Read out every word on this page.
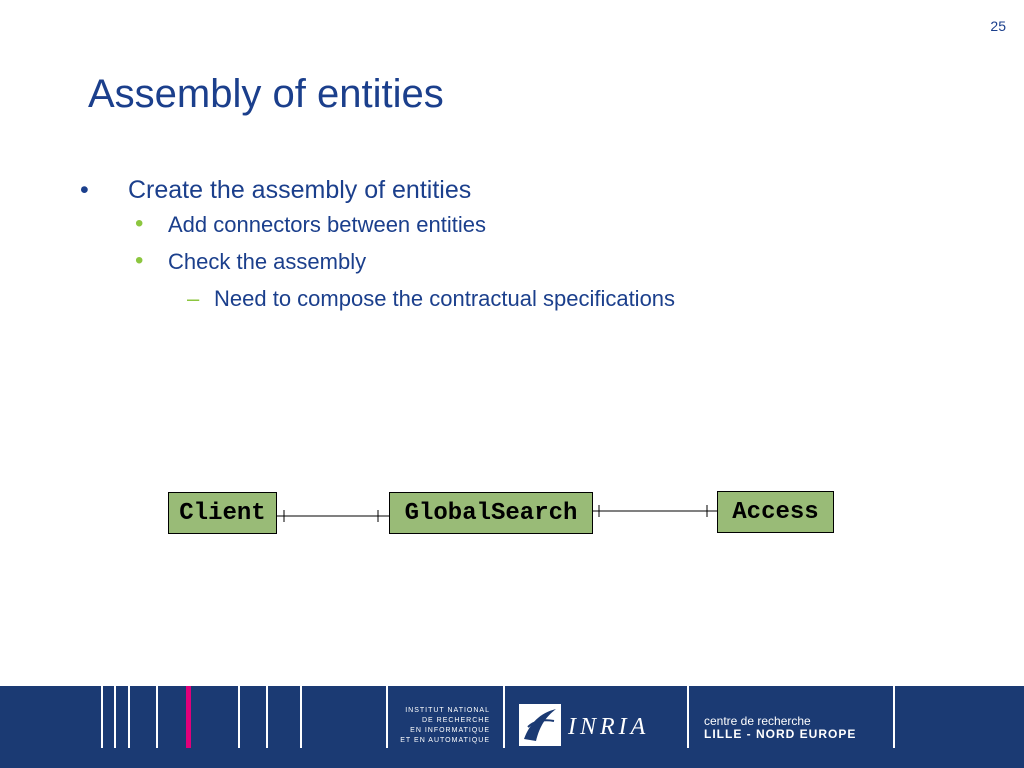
25
Assembly of entities
• Create the assembly of entities
• Add connectors between entities
• Check the assembly
– Need to compose the contractual specifications
Client	GlobalSearch	Access
INSTITUT NATIONAL
DE RECHERCHE
EN INFORMATIQUE
ET EN AUTOMATIQUE
INRIA	centre de recherche
LILLE - NORD EUROPE
